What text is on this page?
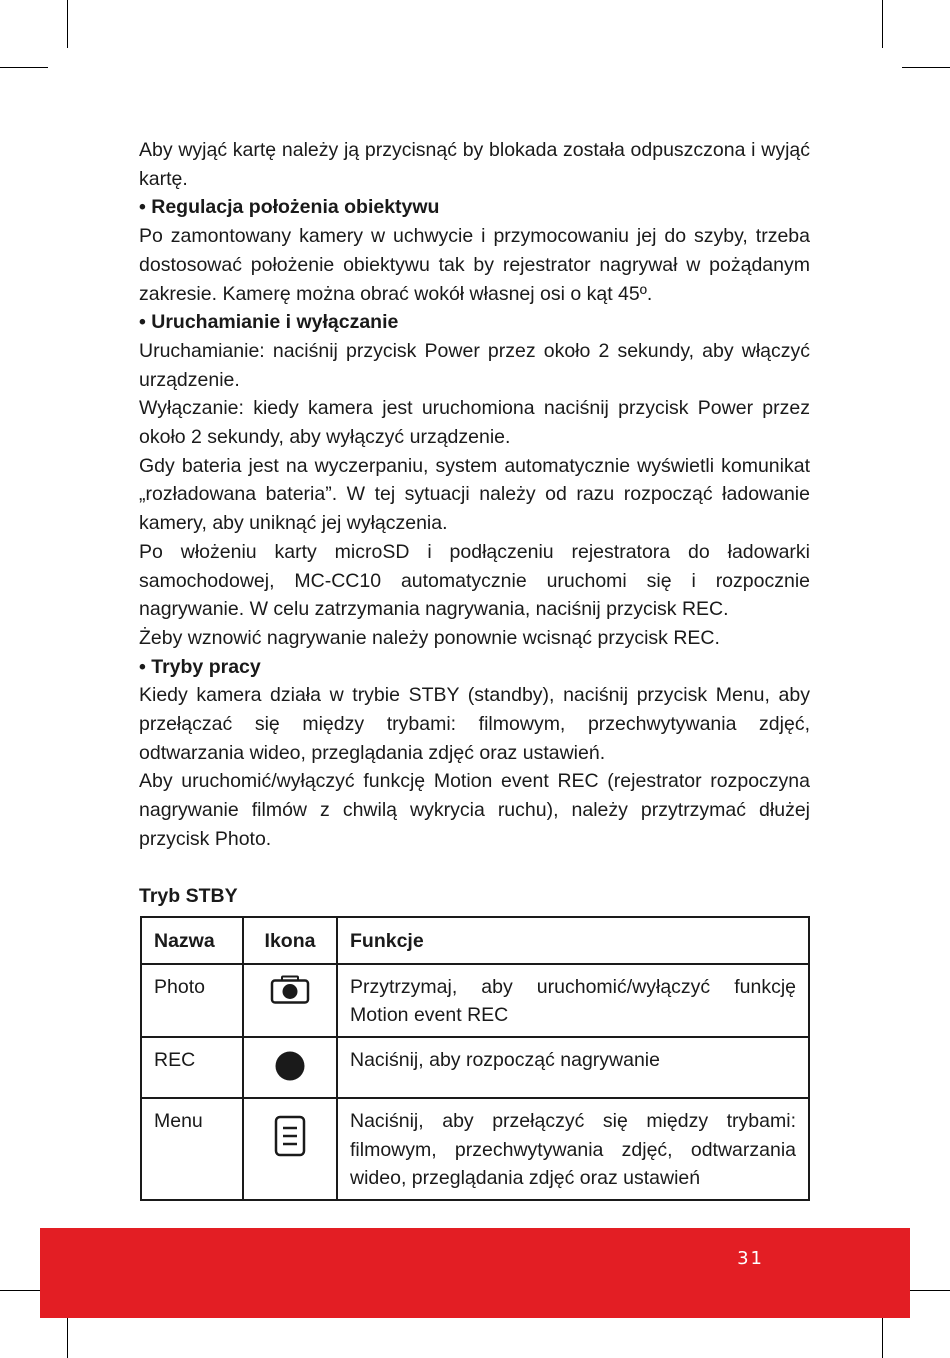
Aby wyjąć kartę należy ją przycisnąć by blokada została odpuszczona i wyjąć kartę.

• Regulacja położenia obiektywu

Po zamontowany kamery w uchwycie i przymocowaniu jej do szyby, trzeba dostosować położenie obiektywu tak by rejestrator nagrywał w pożądanym zakresie. Kamerę można obrać wokół własnej osi o kąt 45º.

• Uruchamianie i wyłączanie

Uruchamianie: naciśnij przycisk Power przez około 2 sekundy, aby włączyć urządzenie.

Wyłączanie: kiedy kamera jest uruchomiona naciśnij przycisk Power przez około 2 sekundy, aby wyłączyć urządzenie.

Gdy bateria jest na wyczerpaniu, system automatycznie wyświetli komunikat „rozładowana bateria”. W tej sytuacji należy od razu rozpocząć ładowanie kamery, aby uniknąć jej wyłączenia.

Po włożeniu karty microSD i podłączeniu rejestratora do ładowarki samochodowej, MC-CC10 automatycznie uruchomi się i rozpocznie nagrywanie. W celu zatrzymania nagrywania, naciśnij przycisk REC.

Żeby wznowić nagrywanie należy ponownie wcisnąć przycisk REC.

• Tryby pracy

Kiedy kamera działa w trybie STBY (standby), naciśnij przycisk Menu, aby przełączać się między trybami: filmowym, przechwytywania zdjęć, odtwarzania wideo, przeglądania zdjęć oraz ustawień.

Aby uruchomić/wyłączyć funkcję Motion event REC (rejestrator rozpoczyna nagrywanie filmów z chwilą wykrycia ruchu), należy przytrzymać dłużej przycisk Photo.

Tryb STBY

Nazwa	Ikona	Funkcje
Photo		Przytrzymaj, aby uruchomić/wyłączyć funkcję Motion event REC
REC		Naciśnij, aby rozpocząć nagrywanie
Menu		Naciśnij, aby przełączyć się między trybami: filmowym, przechwytywania zdjęć, odtwarzania wideo, przeglądania zdjęć oraz ustawień
31
